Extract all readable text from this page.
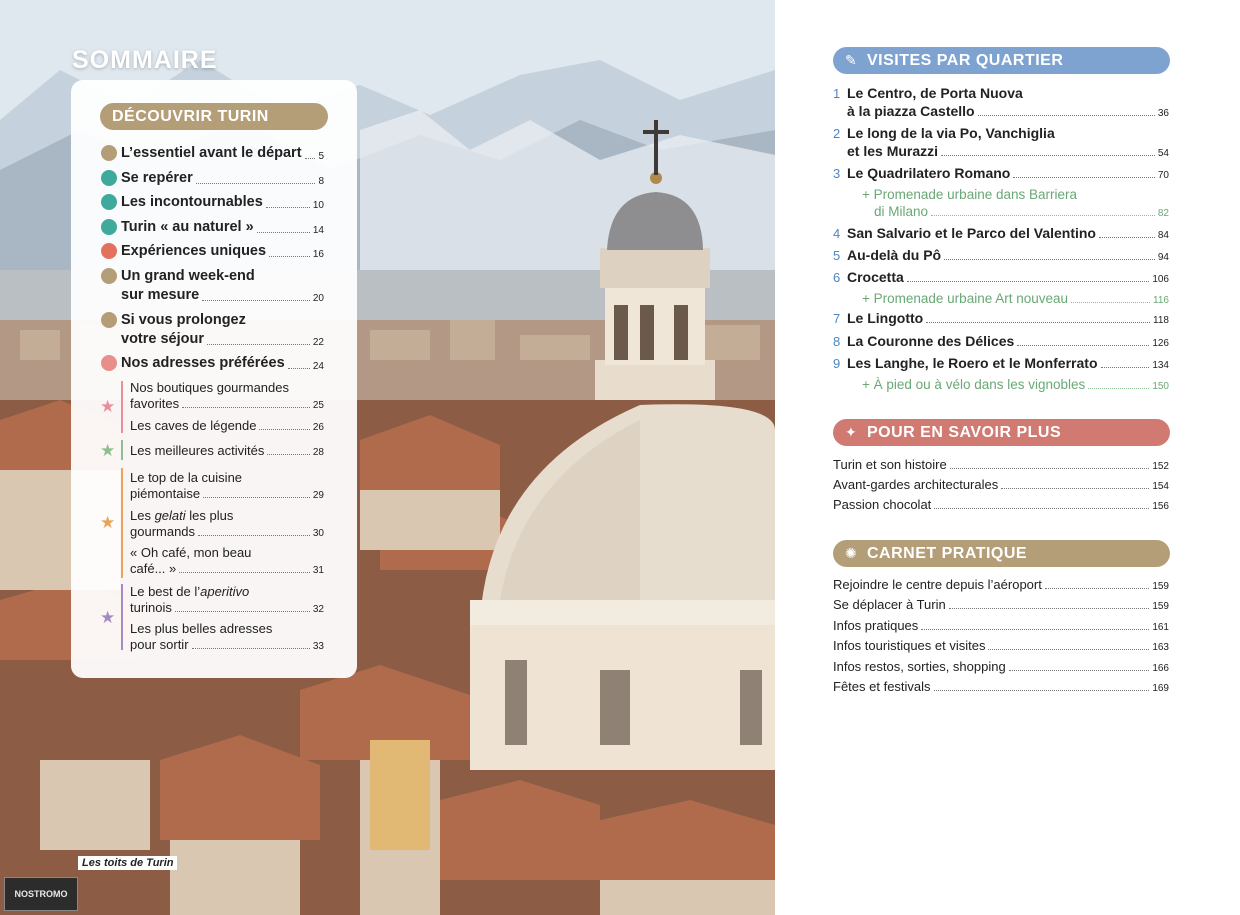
SOMMAIRE
DÉCOUVRIR TURIN
L’essentiel avant le départ 5
Se repérer	8
Les incontournables	10
Turin « au naturel »	14
Expériences uniques	16
Un grand week-end
sur mesure	20
Si vous prolongez
votre séjour	22
Nos adresses préférées	24
★
Nos boutiques gourmandes
favorites	25
Les caves de légende	26
★ Les meilleures activités	28
★
Le top de la cuisine
piémontaise	29
Les gelati les plus
gourmands	30
« Oh café, mon beau
café... »	31
★
Le best de l’aperitivo
turinois	32
Les plus belles adresses
pour sortir	33
Les toits de Turin
NOSTROMO
✎ VISITES PAR QUARTIER
1 Le Centro, de Porta Nuova
à la piazza Castello	36
2 Le long de la via Po, Vanchiglia
et les Murazzi	54
3 Le Quadrilatero Romano	70
+ Promenade urbaine dans Barriera
di Milano	82
4 San Salvario et le Parco del Valentino	84
5 Au-delà du Pô	94
6 Crocetta	106
+ Promenade urbaine Art nouveau	116
7 Le Lingotto	118
8 La Couronne des Délices	126
9 Les Langhe, le Roero et le Monferrato	134
+ À pied ou à vélo dans les vignobles	150
✦ POUR EN SAVOIR PLUS
Turin et son histoire	152
Avant-gardes architecturales	154
Passion chocolat	156
✺ CARNET PRATIQUE
Rejoindre le centre depuis l’aéroport	159
Se déplacer à Turin	159
Infos pratiques	161
Infos touristiques et visites	163
Infos restos, sorties, shopping	166
Fêtes et festivals	169
